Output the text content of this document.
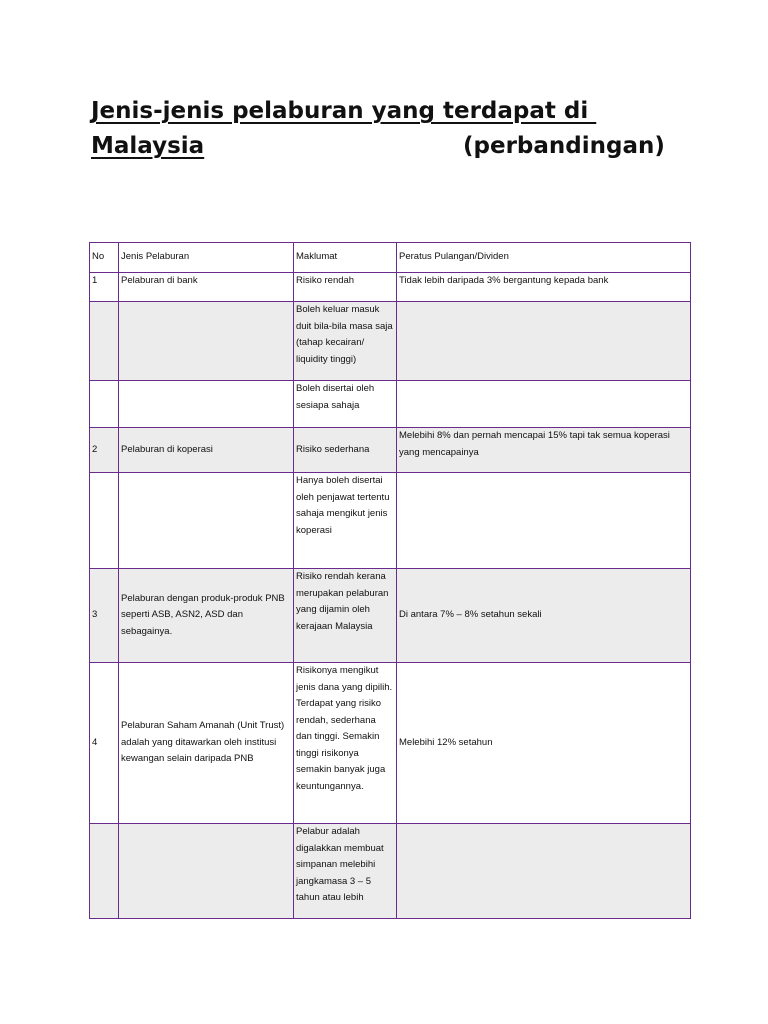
Jenis-jenis pelaburan yang terdapat di
Malaysia	(perbandingan)
No	Jenis Pelaburan	Maklumat	Peratus Pulangan/Dividen
1	Pelaburan di bank	Risiko rendah	Tidak lebih daripada 3% bergantung kepada bank
		Boleh keluar masuk duit bila-bila masa saja (tahap kecairan/ liquidity tinggi)	
		Boleh disertai oleh sesiapa sahaja	
2	Pelaburan di koperasi	Risiko sederhana	Melebihi 8% dan pernah mencapai 15% tapi tak semua koperasi yang mencapainya
		Hanya boleh disertai oleh penjawat tertentu sahaja mengikut jenis koperasi	
3	Pelaburan dengan produk-produk PNB seperti ASB, ASN2, ASD dan sebagainya.	Risiko rendah kerana merupakan pelaburan yang dijamin oleh kerajaan Malaysia	Di antara 7% – 8% setahun sekali
4	Pelaburan Saham Amanah (Unit Trust) adalah yang ditawarkan oleh institusi kewangan selain daripada PNB	Risikonya mengikut jenis dana yang dipilih. Terdapat yang risiko rendah, sederhana dan tinggi. Semakin tinggi risikonya semakin banyak juga keuntungannya.	Melebihi 12% setahun
		Pelabur adalah digalakkan membuat simpanan melebihi jangkamasa 3 – 5 tahun atau lebih	
